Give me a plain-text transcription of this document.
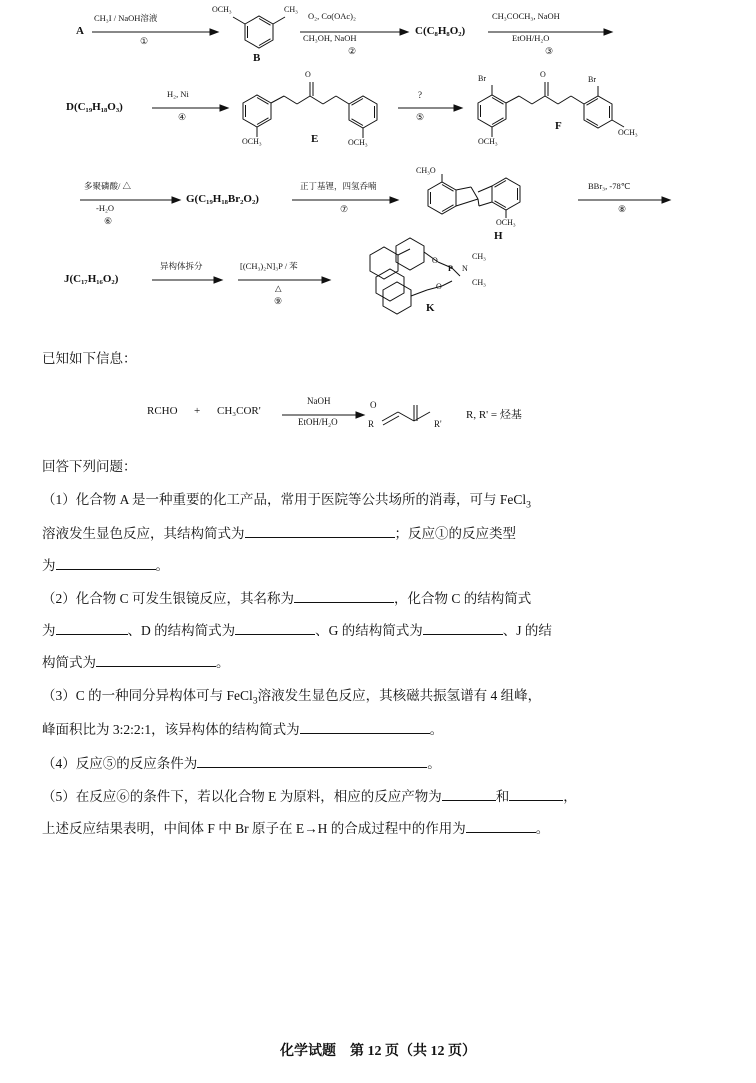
A
CH₃I / NaOH溶液
①
OCH₃	CH₃
B
O₂, Co(OAc)₂
CH₃OH, NaOH
②
C(C₈H₈O₂)
CH₃COCH₃, NaOH
EtOH/H₂O
③
D(C₁₉H₁₈O₃)
H₂, Ni
④
OCH₃	OCH₃
E
O
?
⑤
Br	Br
OCH₃
OCH₃
O
F
多聚磷酸/ △
-H₂O
⑥
G(C₁₉H₁₈Br₂O₂)
正丁基锂，四氢呑喃
⑦
CH₃O
OCH₃
H
BBr₃, -78℃
⑧
J(C₁₇H₁₆O₂)
异构体拆分	[(CH₃)₂N]₃P / 苯
△
⑨
O
P
O
N
CH₃
CH₃
K

已知如下信息：

RCHO + CH₃COR'
NaOH
EtOH/H₂O
O
R	R'
R, R' = 烃基

回答下列问题：

（1）化合物 A 是一种重要的化工产品，常用于医院等公共场所的消毒，可与 FeCl$_3$

溶液发生显色反应，其结构简式为	；反应①的反应类型

为	。

（2）化合物 C 可发生银镜反应，其名称为	，化合物 C 的结构简式

为	、D 的结构简式为	、G 的结构简式为	、J 的结

构简式为	。

（3）C 的一种同分异构体可与 FeCl$_3$溶液发生显色反应，其核磁共振氢谱有 4 组峰，

峰面积比为 3:2:2:1，该异构体的结构简式为	。

（4）反应⑤的反应条件为	。

（5）在反应⑥的条件下，若以化合物 E 为原料，相应的反应产物为	和	，

上述反应结果表明，中间体 F 中 Br 原子在 E→H 的合成过程中的作用为	。

化学试题　第 12 页（共 12 页）
